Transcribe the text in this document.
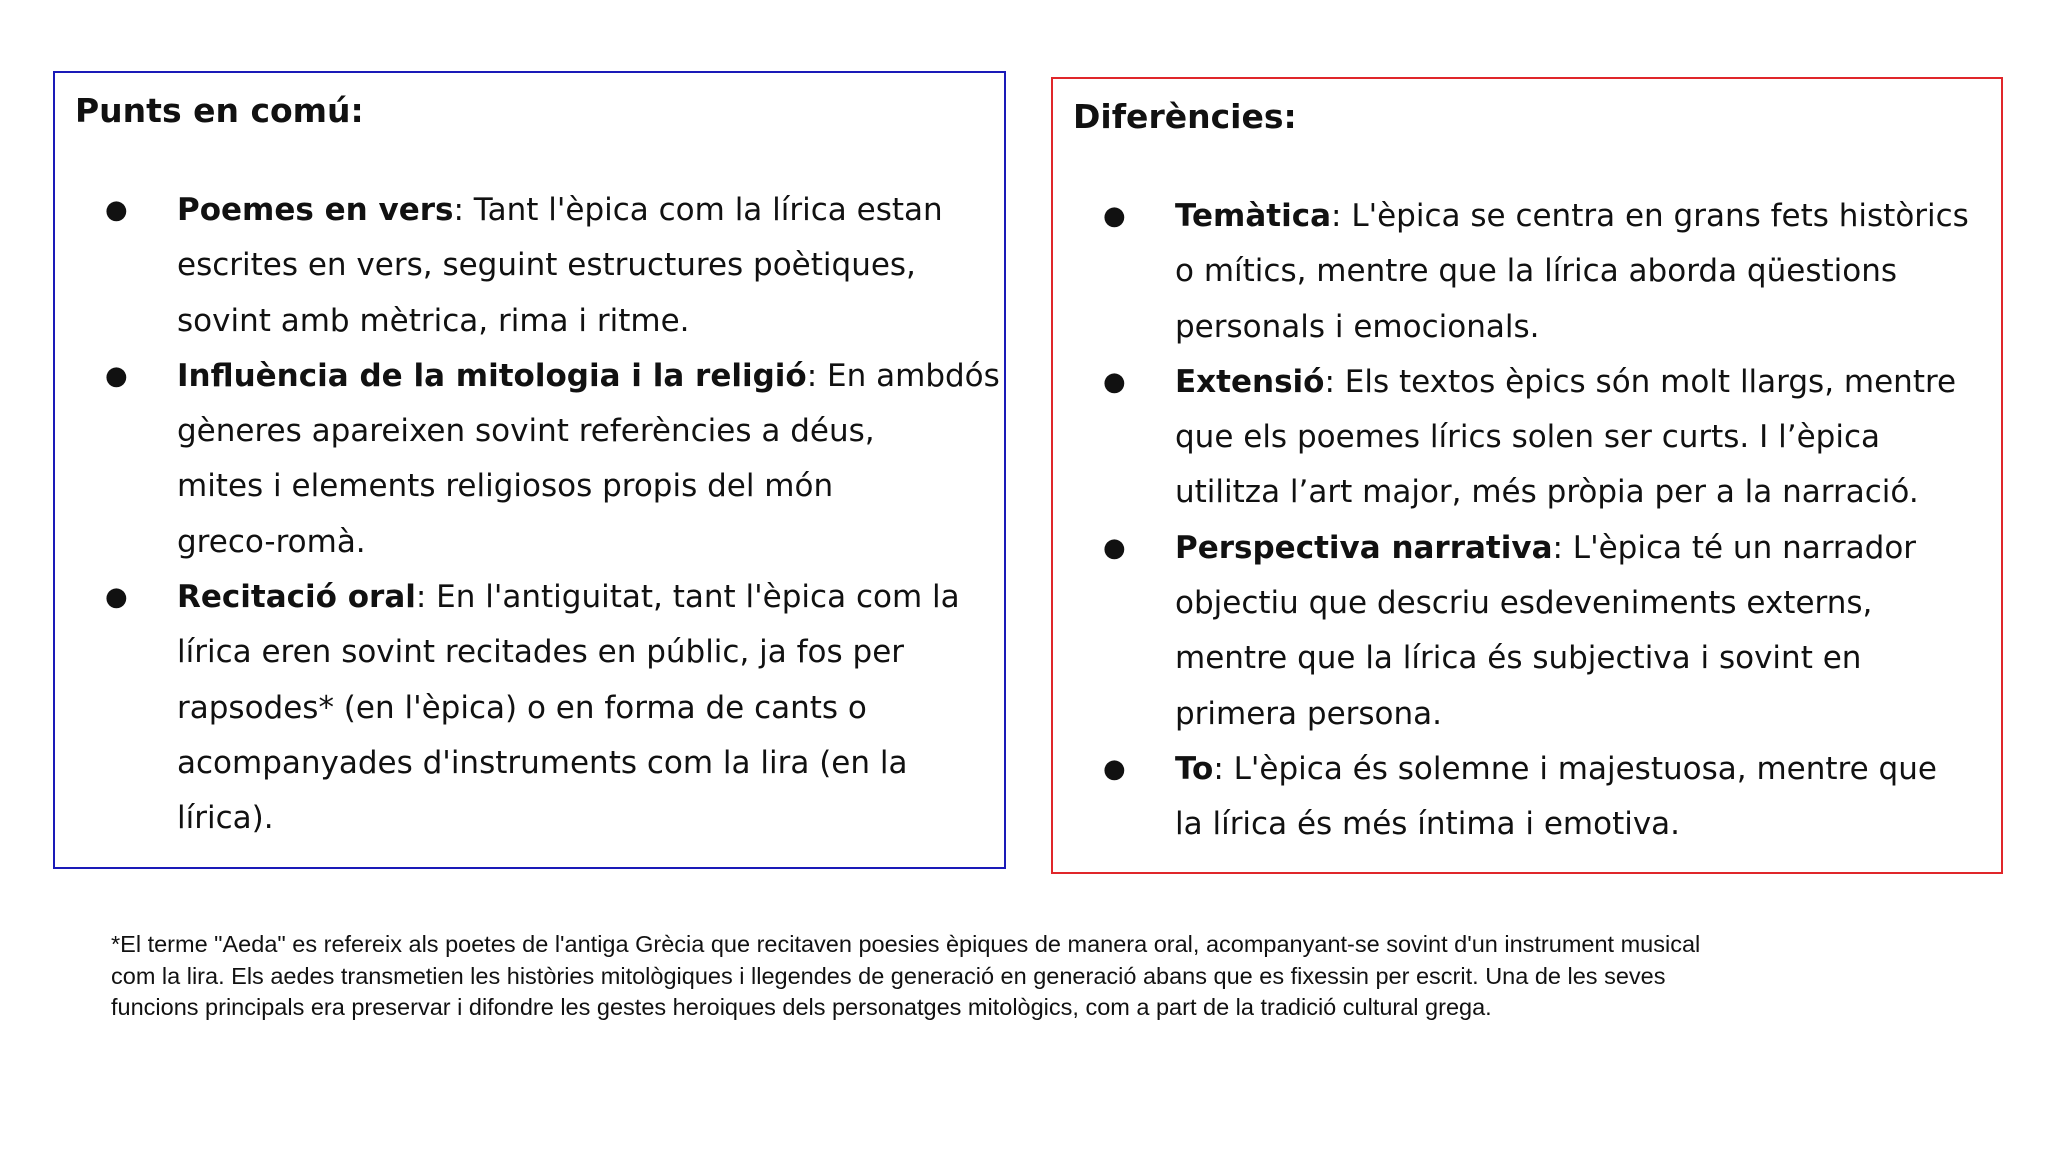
Punts en comú:
● Poemes en vers: Tant l'èpica com la lírica estan
escrites en vers, seguint estructures poètiques,
sovint amb mètrica, rima i ritme.
● Influència de la mitologia i la religió: En ambdós
gèneres apareixen sovint referències a déus,
mites i elements religiosos propis del món
greco-romà.
● Recitació oral: En l'antiguitat, tant l'èpica com la
lírica eren sovint recitades en públic, ja fos per
rapsodes* (en l'èpica) o en forma de cants o
acompanyades d'instruments com la lira (en la
lírica).
Diferències:
● Temàtica: L'èpica se centra en grans fets històrics
o mítics, mentre que la lírica aborda qüestions
personals i emocionals.
● Extensió: Els textos èpics són molt llargs, mentre
que els poemes lírics solen ser curts. I l’èpica
utilitza l’art major, més pròpia per a la narració.
● Perspectiva narrativa: L'èpica té un narrador
objectiu que descriu esdeveniments externs,
mentre que la lírica és subjectiva i sovint en
primera persona.
● To: L'èpica és solemne i majestuosa, mentre que
la lírica és més íntima i emotiva.

*El terme "Aeda" es refereix als poetes de l'antiga Grècia que recitaven poesies èpiques de manera oral, acompanyant-se sovint d'un instrument musical
com la lira. Els aedes transmetien les històries mitològiques i llegendes de generació en generació abans que es fixessin per escrit. Una de les seves
funcions principals era preservar i difondre les gestes heroiques dels personatges mitològics, com a part de la tradició cultural grega.
